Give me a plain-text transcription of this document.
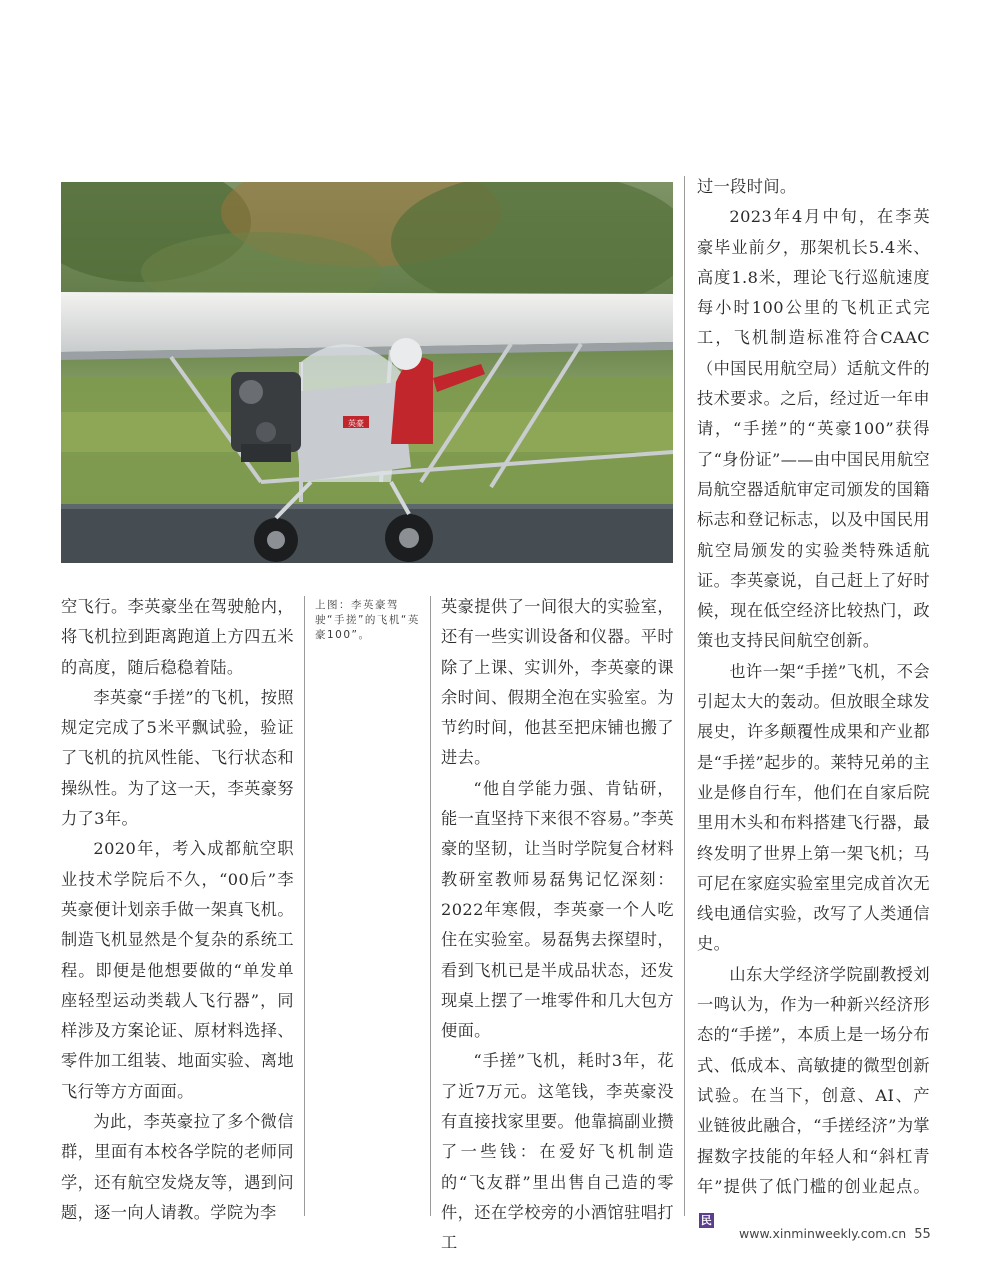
英豪

空飞行。李英豪坐在驾驶舱内，将飞机拉到距离跑道上方四五米的高度，随后稳稳着陆。

李英豪“手搓”的飞机，按照规定完成了5米平飘试验，验证了飞机的抗风性能、飞行状态和操纵性。为了这一天，李英豪努力了3年。

2020年，考入成都航空职业技术学院后不久，“00后”李英豪便计划亲手做一架真飞机。制造飞机显然是个复杂的系统工程。即便是他想要做的“单发单座轻型运动类载人飞行器”，同样涉及方案论证、原材料选择、零件加工组装、地面实验、离地飞行等方方面面。

为此，李英豪拉了多个微信群，里面有本校各学院的老师同学，还有航空发烧友等，遇到问题，逐一向人请教。学院为李

上图：李英豪驾驶“手搓”的飞机“英豪100”。

英豪提供了一间很大的实验室，还有一些实训设备和仪器。平时除了上课、实训外，李英豪的课余时间、假期全泡在实验室。为节约时间，他甚至把床铺也搬了进去。

“他自学能力强、肯钻研，能一直坚持下来很不容易。”李英豪的坚韧，让当时学院复合材料教研室教师易磊隽记忆深刻：2022年寒假，李英豪一个人吃住在实验室。易磊隽去探望时，看到飞机已是半成品状态，还发现桌上摆了一堆零件和几大包方便面。

“手搓”飞机，耗时3年，花了近7万元。这笔钱，李英豪没有直接找家里要。他靠搞副业攒了一些钱：在爱好飞机制造的“飞友群”里出售自己造的零件，还在学校旁的小酒馆驻唱打工

过一段时间。

2023年4月中旬，在李英豪毕业前夕，那架机长5.4米、高度1.8米，理论飞行巡航速度每小时100公里的飞机正式完工，飞机制造标准符合CAAC（中国民用航空局）适航文件的技术要求。之后，经过近一年申请，“手搓”的“英豪100”获得了“身份证”——由中国民用航空局航空器适航审定司颁发的国籍标志和登记标志，以及中国民用航空局颁发的实验类特殊适航证。李英豪说，自己赶上了好时候，现在低空经济比较热门，政策也支持民间航空创新。

也许一架“手搓”飞机，不会引起太大的轰动。但放眼全球发展史，许多颠覆性成果和产业都是“手搓”起步的。莱特兄弟的主业是修自行车，他们在自家后院里用木头和布料搭建飞行器，最终发明了世界上第一架飞机；马可尼在家庭实验室里完成首次无线电通信实验，改写了人类通信史。

山东大学经济学院副教授刘一鸣认为，作为一种新兴经济形态的“手搓”，本质上是一场分布式、低成本、高敏捷的微型创新试验。在当下，创意、AI、产业链彼此融合，“手搓经济”为掌握数字技能的年轻人和“斜杠青年”提供了低门槛的创业起点。民

www.xinminweekly.com.cn 55
